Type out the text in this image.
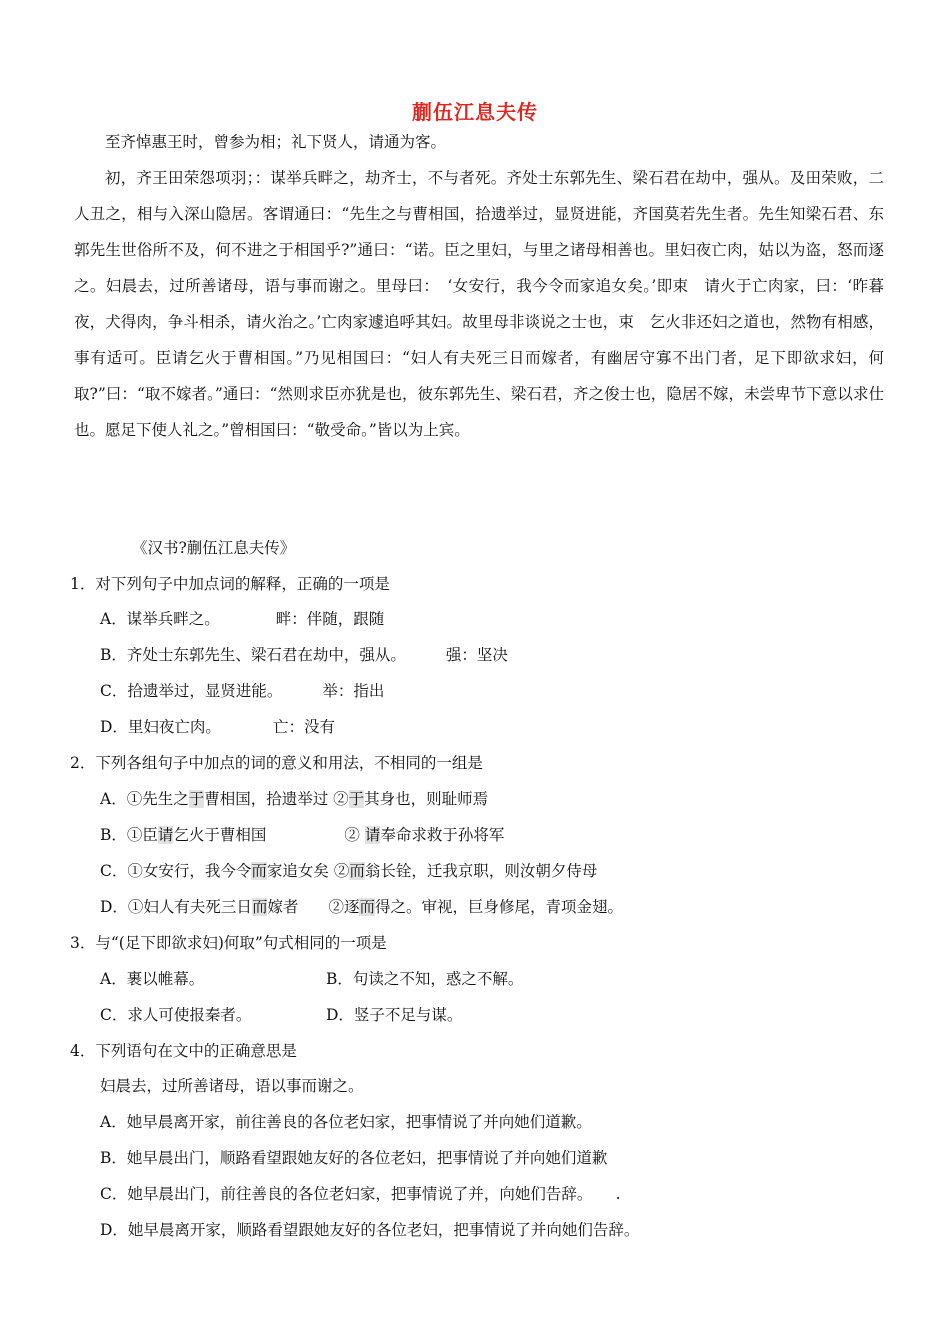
蒯伍江息夫传
至齐悼惠王时，曾参为相；礼下贤人，请通为客。
初，齐王田荣怨项羽；：谋举兵畔之，劫齐士，不与者死。齐处士东郭先生、梁石君在劫中，强从。及田荣败，二人丑之，相与入深山隐居。客谓通曰：“先生之与曹相国，拾遗举过，显贤进能，齐国莫若先生者。先生知梁石君、东郭先生世俗所不及，何不进之于相国乎?”通曰：“诺。臣之里妇，与里之诸母相善也。里妇夜亡肉，姑以为盗，怒而逐之。妇晨去，过所善诸母，语与事而谢之。里母曰：　‘女安行，我今令而家追女矣。’即束　请火于亡肉家，曰：‘昨暮夜，犬得肉，争斗相杀，请火治之。’亡肉家遽追呼其妇。故里母非谈说之士也，束　乞火非还妇之道也，然物有相感，事有适可。臣请乞火于曹相国。”乃见相国曰：“妇人有夫死三日而嫁者，有幽居守寡不出门者，足下即欲求妇，何取?”曰：“取不嫁者。”通曰：“然则求臣亦犹是也，彼东郭先生、梁石君，齐之俊士也，隐居不嫁，未尝卑节下意以求仕也。愿足下使人礼之。”曾相国曰：“敬受命。”皆以为上宾。
《汉书?蒯伍江息夫传》
1．对下列句子中加点词的解释，正确的一项是
A．谋举兵畔之。	畔：伴随，跟随
B．齐处士东郭先生、梁石君在劫中，强从。	强：坚决
C．拾遗举过，显贤进能。	举：指出
D．里妇夜亡肉。	亡：没有
2．下列各组句子中加点的词的意义和用法，不相同的一组是
A．①先生之于曹相国，拾遗举过 ②于其身也，则耻师焉
B．①臣请乞火于曹相国	② 请奉命求救于孙将军
C．①女安行，我今令而家追女矣 ②而翁长铨，迁我京职，则汝朝夕侍母
D．①妇人有夫死三日而嫁者 ②逐而得之。审视，巨身修尾，青项金翅。
3．与“(足下即欲求妇)何取”句式相同的一项是
A．裹以帷幕。	B．句读之不知，惑之不解。
C．求人可使报秦者。	D．竖子不足与谋。
4．下列语句在文中的正确意思是
妇晨去，过所善诸母，语以事而谢之。
A．她早晨离开家，前往善良的各位老妇家，把事情说了并向她们道歉。
B．她早晨出门，顺路看望跟她友好的各位老妇，把事情说了并向她们道歉
C．她早晨出门，前往善良的各位老妇家，把事情说了并，向她们告辞。　　.
D．她早晨离开家，顺路看望跟她友好的各位老妇，把事情说了并向她们告辞。
